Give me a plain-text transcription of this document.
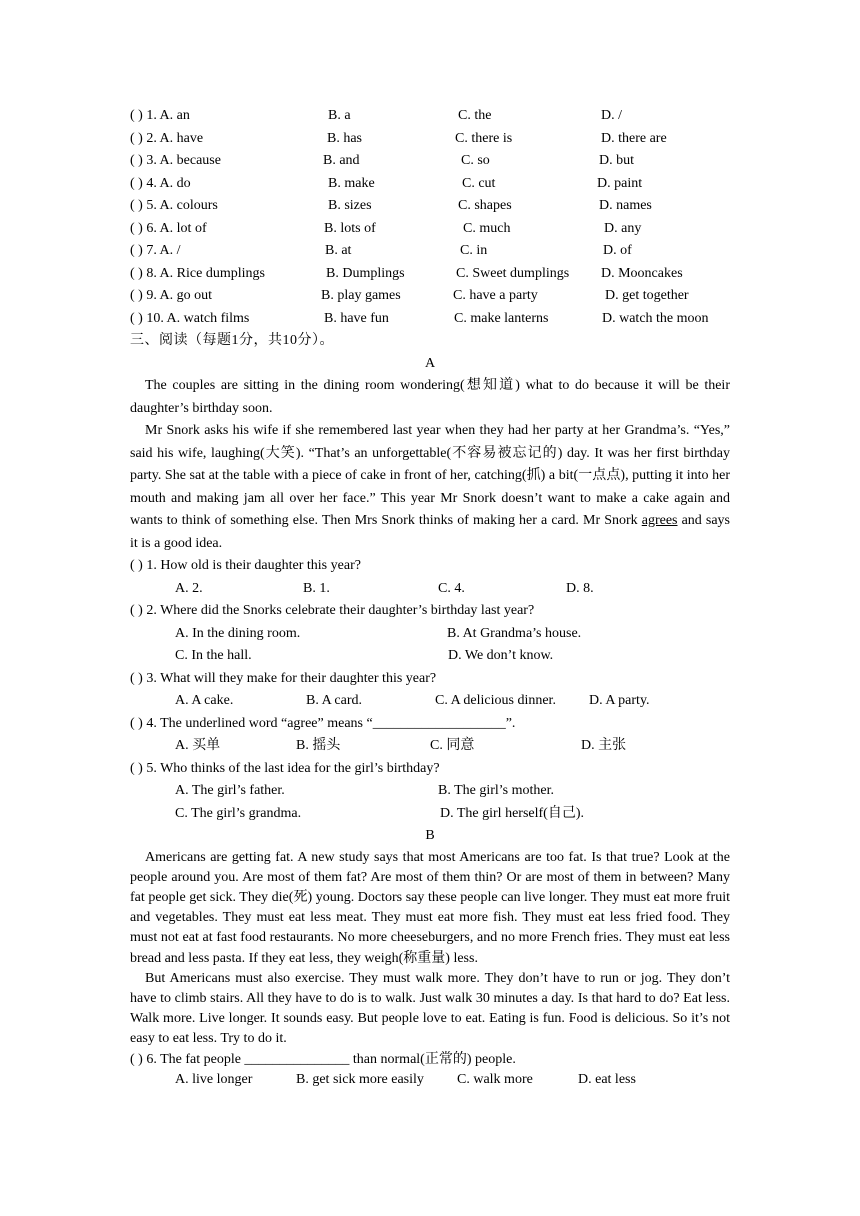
( ) 1. A. an	B. a	C. the	D. /
( ) 2. A. have	B. has	C. there is	D. there are
( ) 3. A. because	B. and	C. so	D. but
( ) 4. A. do	B. make	C. cut	D. paint
( ) 5. A. colours	B. sizes	C. shapes	D. names
( ) 6. A. lot of	B. lots of	C. much	D. any
( ) 7. A. /	B. at	C. in	D. of
( ) 8. A. Rice dumplings	B. Dumplings	C. Sweet dumplings D. Mooncakes
( ) 9. A. go out	B. play games	C. have a party	D. get together
( ) 10. A. watch films	B. have fun	C. make lanterns	D. watch the moon
三、阅读（每题1分，共10分）。
A
The couples are sitting in the dining room wondering(想知道) what to do because it will be their daughter’s birthday soon.
Mr Snork asks his wife if she remembered last year when they had her party at her Grandma’s. “Yes,” said his wife, laughing(大笑). “That’s an unforgettable(不容易被忘记的) day. It was her first birthday party. She sat at the table with a piece of cake in front of her, catching(抓) a bit(一点点), putting it into her mouth and making jam all over her face.” This year Mr Snork doesn’t want to make a cake again and wants to think of something else. Then Mrs Snork thinks of making her a card. Mr Snork agrees and says it is a good idea.
( ) 1. How old is their daughter this year?
A. 2.	B. 1.	C. 4.	D. 8.
( ) 2. Where did the Snorks celebrate their daughter’s birthday last year?
A. In the dining room.	B. At Grandma’s house.
C. In the hall.	D. We don’t know.
( ) 3. What will they make for their daughter this year?
A. A cake.	B. A card.	C. A delicious dinner. D. A party.
( ) 4. The underlined word “agree” means “___________________”.
A. 买单	B. 摇头	C. 同意	D. 主张
( ) 5. Who thinks of the last idea for the girl’s birthday?
A. The girl’s father.	B. The girl’s mother.
C. The girl’s grandma.	D. The girl herself(自己).
B
Americans are getting fat. A new study says that most Americans are too fat. Is that true? Look at the people around you. Are most of them fat? Are most of them thin? Or are most of them in between? Many fat people get sick. They die(死) young. Doctors say these people can live longer. They must eat more fruit and vegetables. They must eat less meat. They must eat more fish. They must eat less fried food. They must not eat at fast food restaurants. No more cheeseburgers, and no more French fries. They must eat less bread and less pasta. If they eat less, they weigh(称重量) less.
But Americans must also exercise. They must walk more. They don’t have to run or jog. They don’t have to climb stairs. All they have to do is to walk. Just walk 30 minutes a day. Is that hard to do? Eat less. Walk more. Live longer. It sounds easy. But people love to eat. Eating is fun. Food is delicious. So it’s not easy to eat less. Try to do it.
( ) 6. The fat people _______________ than normal(正常的) people.
A. live longer	B. get sick more easily C. walk more	D. eat less
